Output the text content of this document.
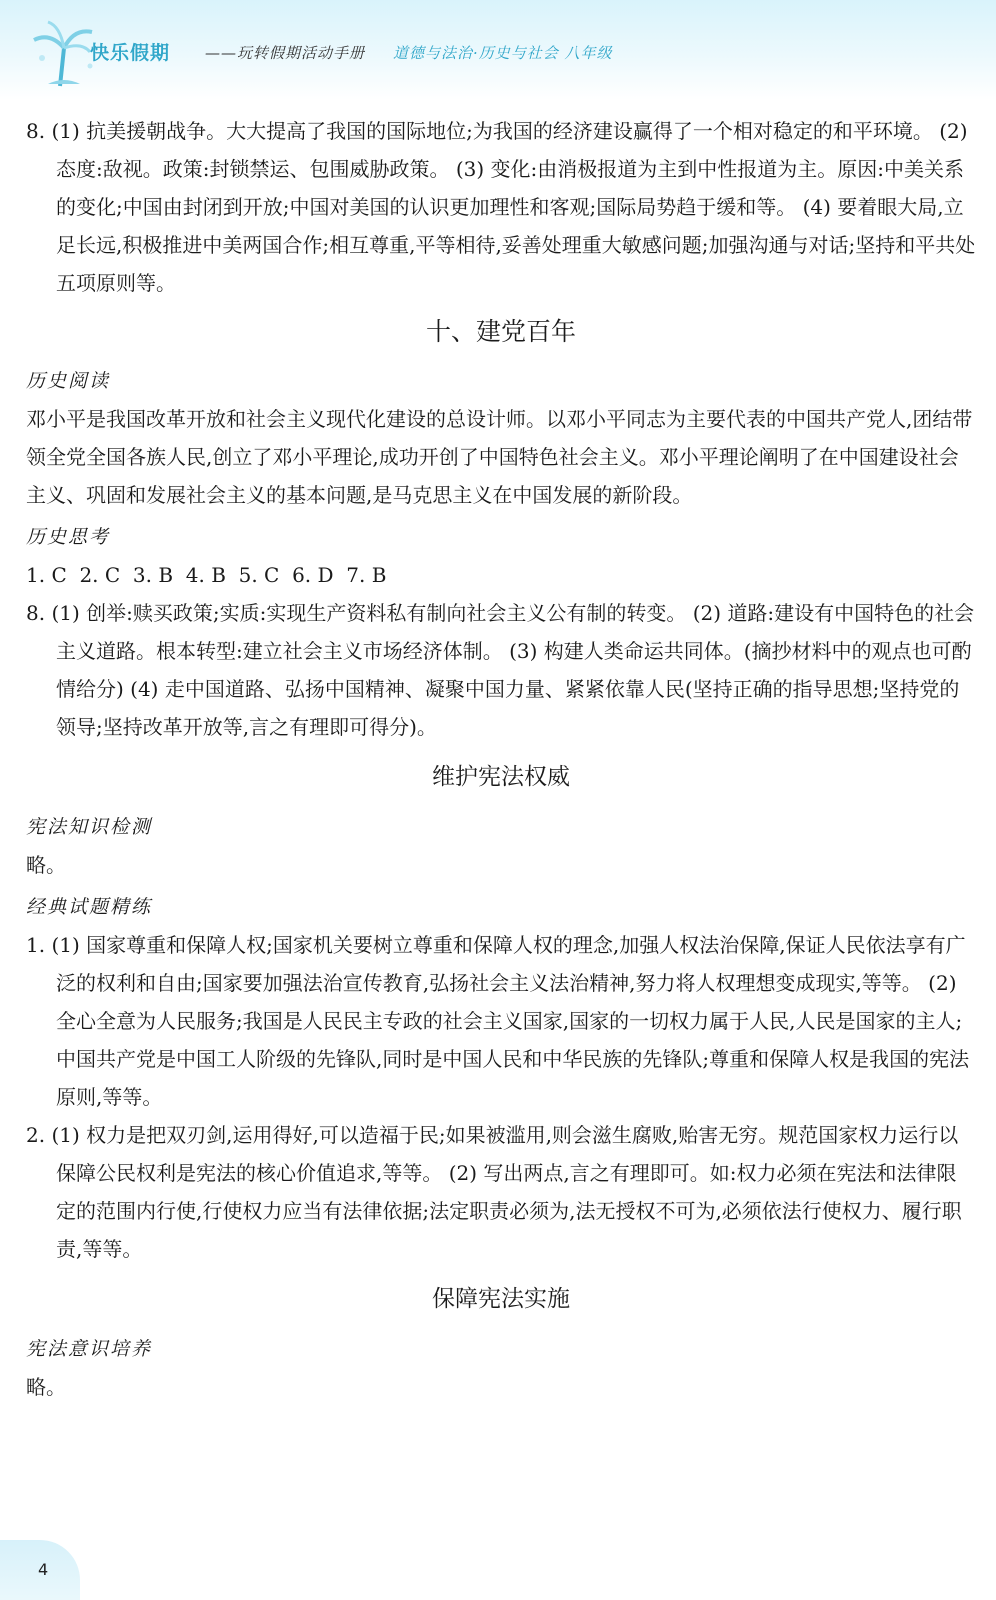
快乐假期 ——玩转假期活动手册 道德与法治·历史与社会 八年级

8. (1) 抗美援朝战争。大大提高了我国的国际地位;为我国的经济建设赢得了一个相对稳定的和平环境。 (2) 态度:敌视。政策:封锁禁运、包围威胁政策。 (3) 变化:由消极报道为主到中性报道为主。原因:中美关系的变化;中国由封闭到开放;中国对美国的认识更加理性和客观;国际局势趋于缓和等。 (4) 要着眼大局,立足长远,积极推进中美两国合作;相互尊重,平等相待,妥善处理重大敏感问题;加强沟通与对话;坚持和平共处五项原则等。

十、建党百年

历史阅读

邓小平是我国改革开放和社会主义现代化建设的总设计师。以邓小平同志为主要代表的中国共产党人,团结带领全党全国各族人民,创立了邓小平理论,成功开创了中国特色社会主义。邓小平理论阐明了在中国建设社会主义、巩固和发展社会主义的基本问题,是马克思主义在中国发展的新阶段。

历史思考

1. C  2. C  3. B  4. B  5. C  6. D  7. B

8. (1) 创举:赎买政策;实质:实现生产资料私有制向社会主义公有制的转变。 (2) 道路:建设有中国特色的社会主义道路。根本转型:建立社会主义市场经济体制。 (3) 构建人类命运共同体。(摘抄材料中的观点也可酌情给分) (4) 走中国道路、弘扬中国精神、凝聚中国力量、紧紧依靠人民(坚持正确的指导思想;坚持党的领导;坚持改革开放等,言之有理即可得分)。

维护宪法权威

宪法知识检测

略。

经典试题精练

1. (1) 国家尊重和保障人权;国家机关要树立尊重和保障人权的理念,加强人权法治保障,保证人民依法享有广泛的权利和自由;国家要加强法治宣传教育,弘扬社会主义法治精神,努力将人权理想变成现实,等等。 (2) 全心全意为人民服务;我国是人民民主专政的社会主义国家,国家的一切权力属于人民,人民是国家的主人;中国共产党是中国工人阶级的先锋队,同时是中国人民和中华民族的先锋队;尊重和保障人权是我国的宪法原则,等等。

2. (1) 权力是把双刃剑,运用得好,可以造福于民;如果被滥用,则会滋生腐败,贻害无穷。规范国家权力运行以保障公民权利是宪法的核心价值追求,等等。 (2) 写出两点,言之有理即可。如:权力必须在宪法和法律限定的范围内行使,行使权力应当有法律依据;法定职责必须为,法无授权不可为,必须依法行使权力、履行职责,等等。

保障宪法实施

宪法意识培养

略。

4
